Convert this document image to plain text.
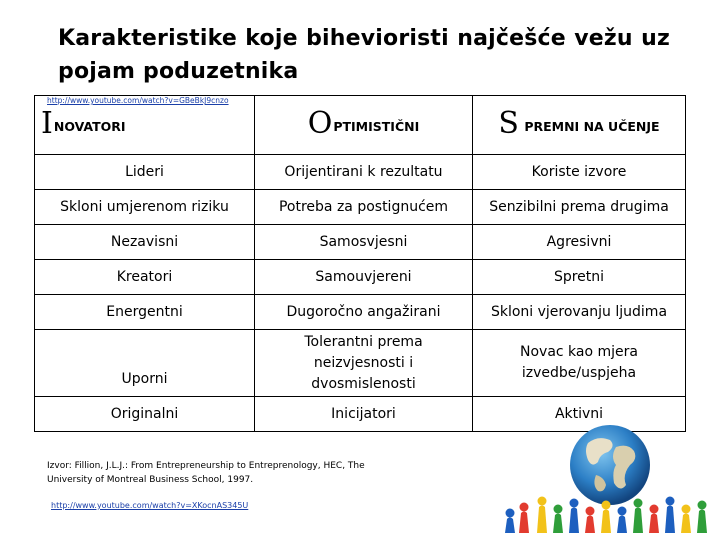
Karakteristike koje bihevioristi najčešće vežu uz pojam poduzetnika
http://www.youtube.com/watch?v=GBeBkJ9cnzo
INOVATORI	OPTIMISTIČNI	S PREMNI NA UČENJE
Lideri	Orijentirani k rezultatu	Koriste izvore
Skloni umjerenom riziku	Potreba za postignućem	Senzibilni prema drugima
Nezavisni	Samosvjesni	Agresivni
Kreatori	Samouvjereni	Spretni
Energentni	Dugoročno angažirani	Skloni vjerovanju ljudima
Uporni	Tolerantni prema neizvjesnosti i dvosmislenosti	Novac kao mjera izvedbe/uspjeha
Originalni	Inicijatori	Aktivni
Izvor: Fillion, J.L.J.: From Entrepreneurship to Entreprenology, HEC, The University of Montreal Business School, 1997.
http://www.youtube.com/watch?v=XKocnAS345U
